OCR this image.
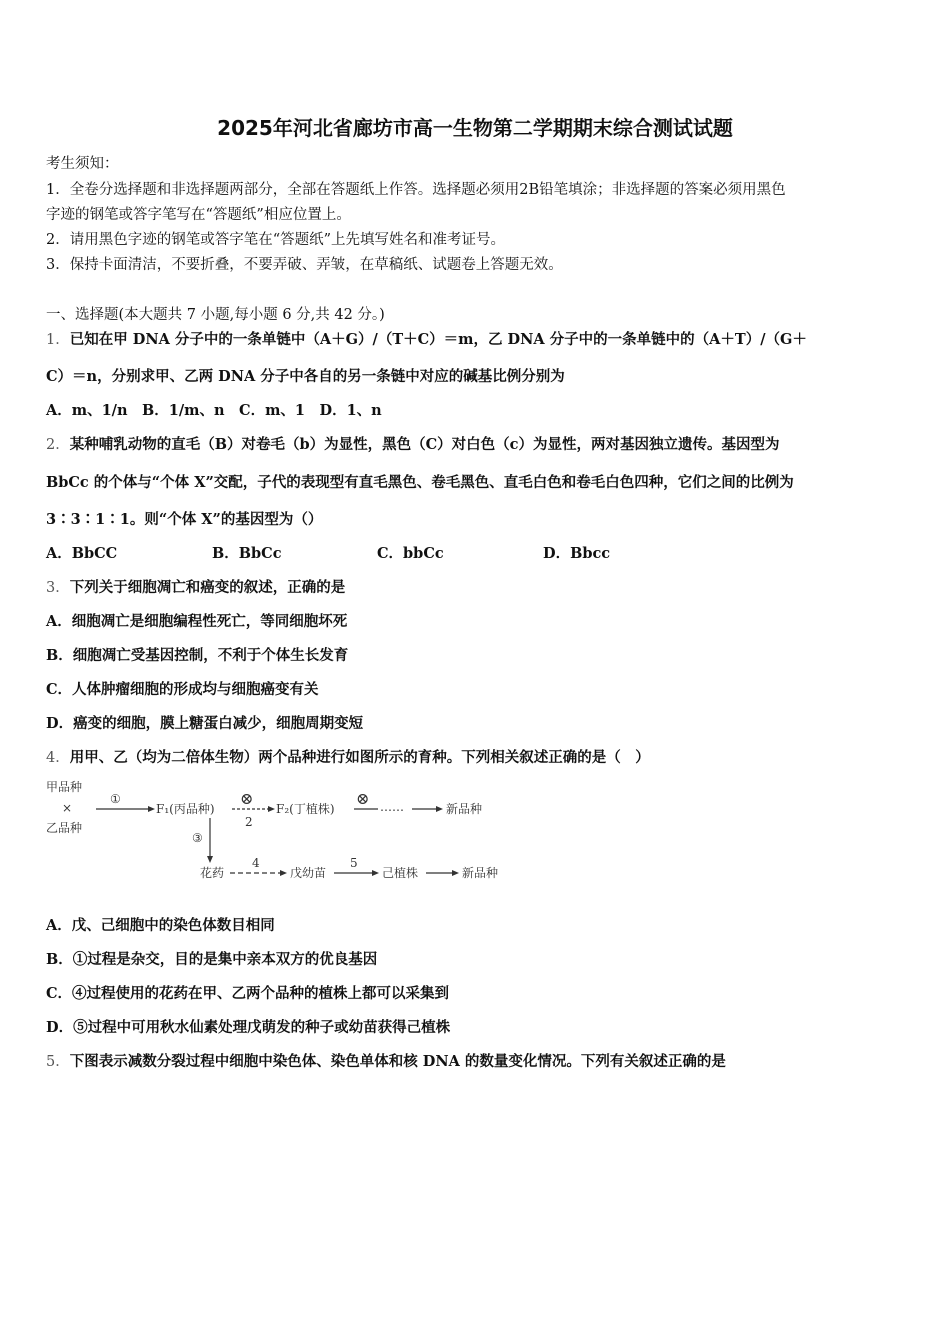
2025年河北省廊坊市高一生物第二学期期末综合测试试题
考生须知：
1．全卷分选择题和非选择题两部分，全部在答题纸上作答。选择题必须用2B铅笔填涂；非选择题的答案必须用黑色
字迹的钢笔或答字笔写在“答题纸”相应位置上。
2．请用黑色字迹的钢笔或答字笔在“答题纸”上先填写姓名和准考证号。
3．保持卡面清洁，不要折叠，不要弄破、弄皱，在草稿纸、试题卷上答题无效。
一、选择题(本大题共 7 小题,每小题 6 分,共 42 分。)
1．已知在甲 DNA 分子中的一条单链中（A＋G）/（T＋C）＝m，乙 DNA 分子中的一条单链中的（A＋T）/（G＋
C）＝n，分别求甲、乙两 DNA 分子中各自的另一条链中对应的碱基比例分别为
A．m、1/n　B．1/m、n　C．m、1　D．1、n
2．某种哺乳动物的直毛（B）对卷毛（b）为显性，黑色（C）对白色（c）为显性，两对基因独立遗传。基因型为
BbCc 的个体与“个体 X”交配，子代的表现型有直毛黑色、卷毛黑色、直毛白色和卷毛白色四种，它们之间的比例为
3∶3∶1∶1。则“个体 X”的基因型为（）
A．BbCC	B．BbCc	C．bbCc	D．Bbcc
3．下列关于细胞凋亡和癌变的叙述，正确的是
A．细胞凋亡是细胞编程性死亡，等同细胞坏死
B．细胞凋亡受基因控制，不利于个体生长发育
C．人体肿瘤细胞的形成均与细胞癌变有关
D．癌变的细胞，膜上糖蛋白减少，细胞周期变短
4．用甲、乙（均为二倍体生物）两个品种进行如图所示的育种。下列相关叙述正确的是（　）
甲品种
×
乙品种
①
F₁(丙品种)
⊗
2
F₂(丁植株)
⊗ ……	新品种
③
花药
4
戊幼苗
5
己植株	新品种
A．戊、己细胞中的染色体数目相同
B．①过程是杂交，目的是集中亲本双方的优良基因
C．④过程使用的花药在甲、乙两个品种的植株上都可以采集到
D．⑤过程中可用秋水仙素处理戊萌发的种子或幼苗获得己植株
5．下图表示减数分裂过程中细胞中染色体、染色单体和核 DNA 的数量变化情况。下列有关叙述正确的是
